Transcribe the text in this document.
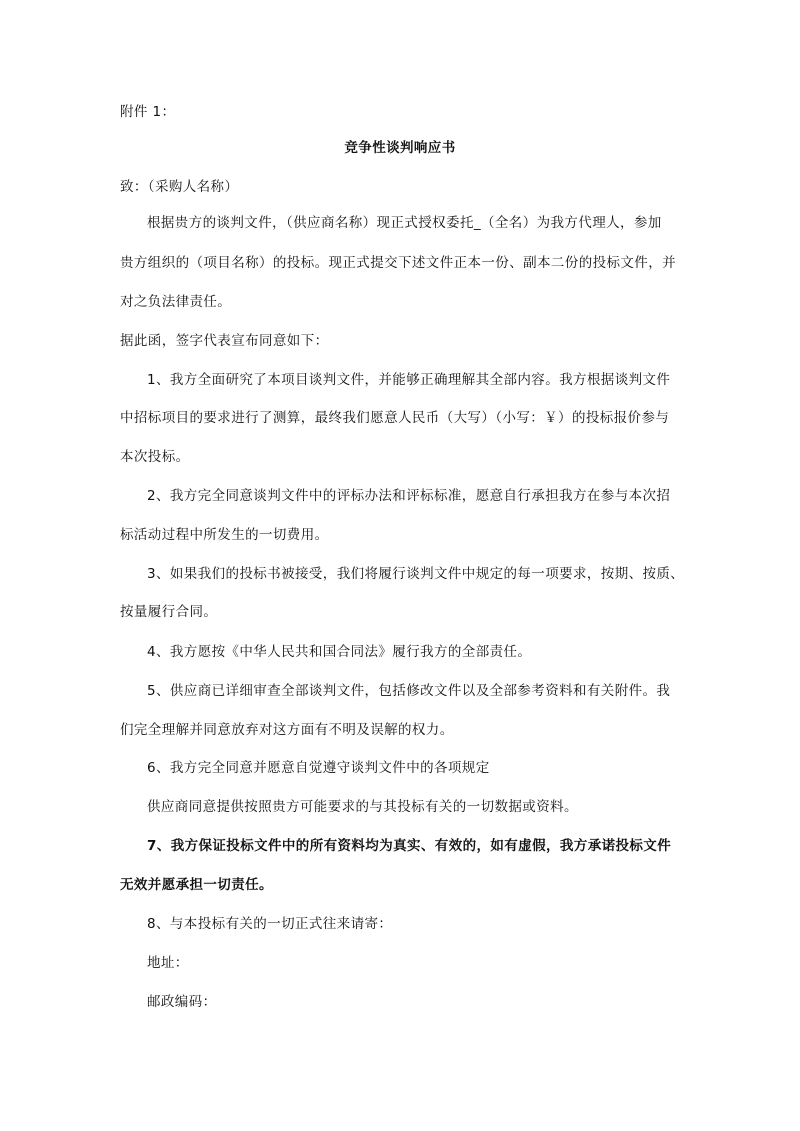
附件 1：
竞争性谈判响应书
致：（采购人名称）
根据贵方的谈判文件，（供应商名称）现正式授权委托_（全名）为我方代理人，参加
贵方组织的（项目名称）的投标。现正式提交下述文件正本一份、副本二份的投标文件，并
对之负法律责任。
据此函，签字代表宣布同意如下：
1、我方全面研究了本项目谈判文件，并能够正确理解其全部内容。我方根据谈判文件
中招标项目的要求进行了测算，最终我们愿意人民币（大写）（小写：￥）的投标报价参与
本次投标。
2、我方完全同意谈判文件中的评标办法和评标标准，愿意自行承担我方在参与本次招
标活动过程中所发生的一切费用。
3、如果我们的投标书被接受，我们将履行谈判文件中规定的每一项要求，按期、按质、
按量履行合同。
4、我方愿按《中华人民共和国合同法》履行我方的全部责任。
5、供应商已详细审查全部谈判文件，包括修改文件以及全部参考资料和有关附件。我
们完全理解并同意放弃对这方面有不明及误解的权力。
6、我方完全同意并愿意自觉遵守谈判文件中的各项规定
供应商同意提供按照贵方可能要求的与其投标有关的一切数据或资料。
7、我方保证投标文件中的所有资料均为真实、有效的，如有虚假，我方承诺投标文件
无效并愿承担一切责任。
8、与本投标有关的一切正式往来请寄：
地址：
邮政编码：
